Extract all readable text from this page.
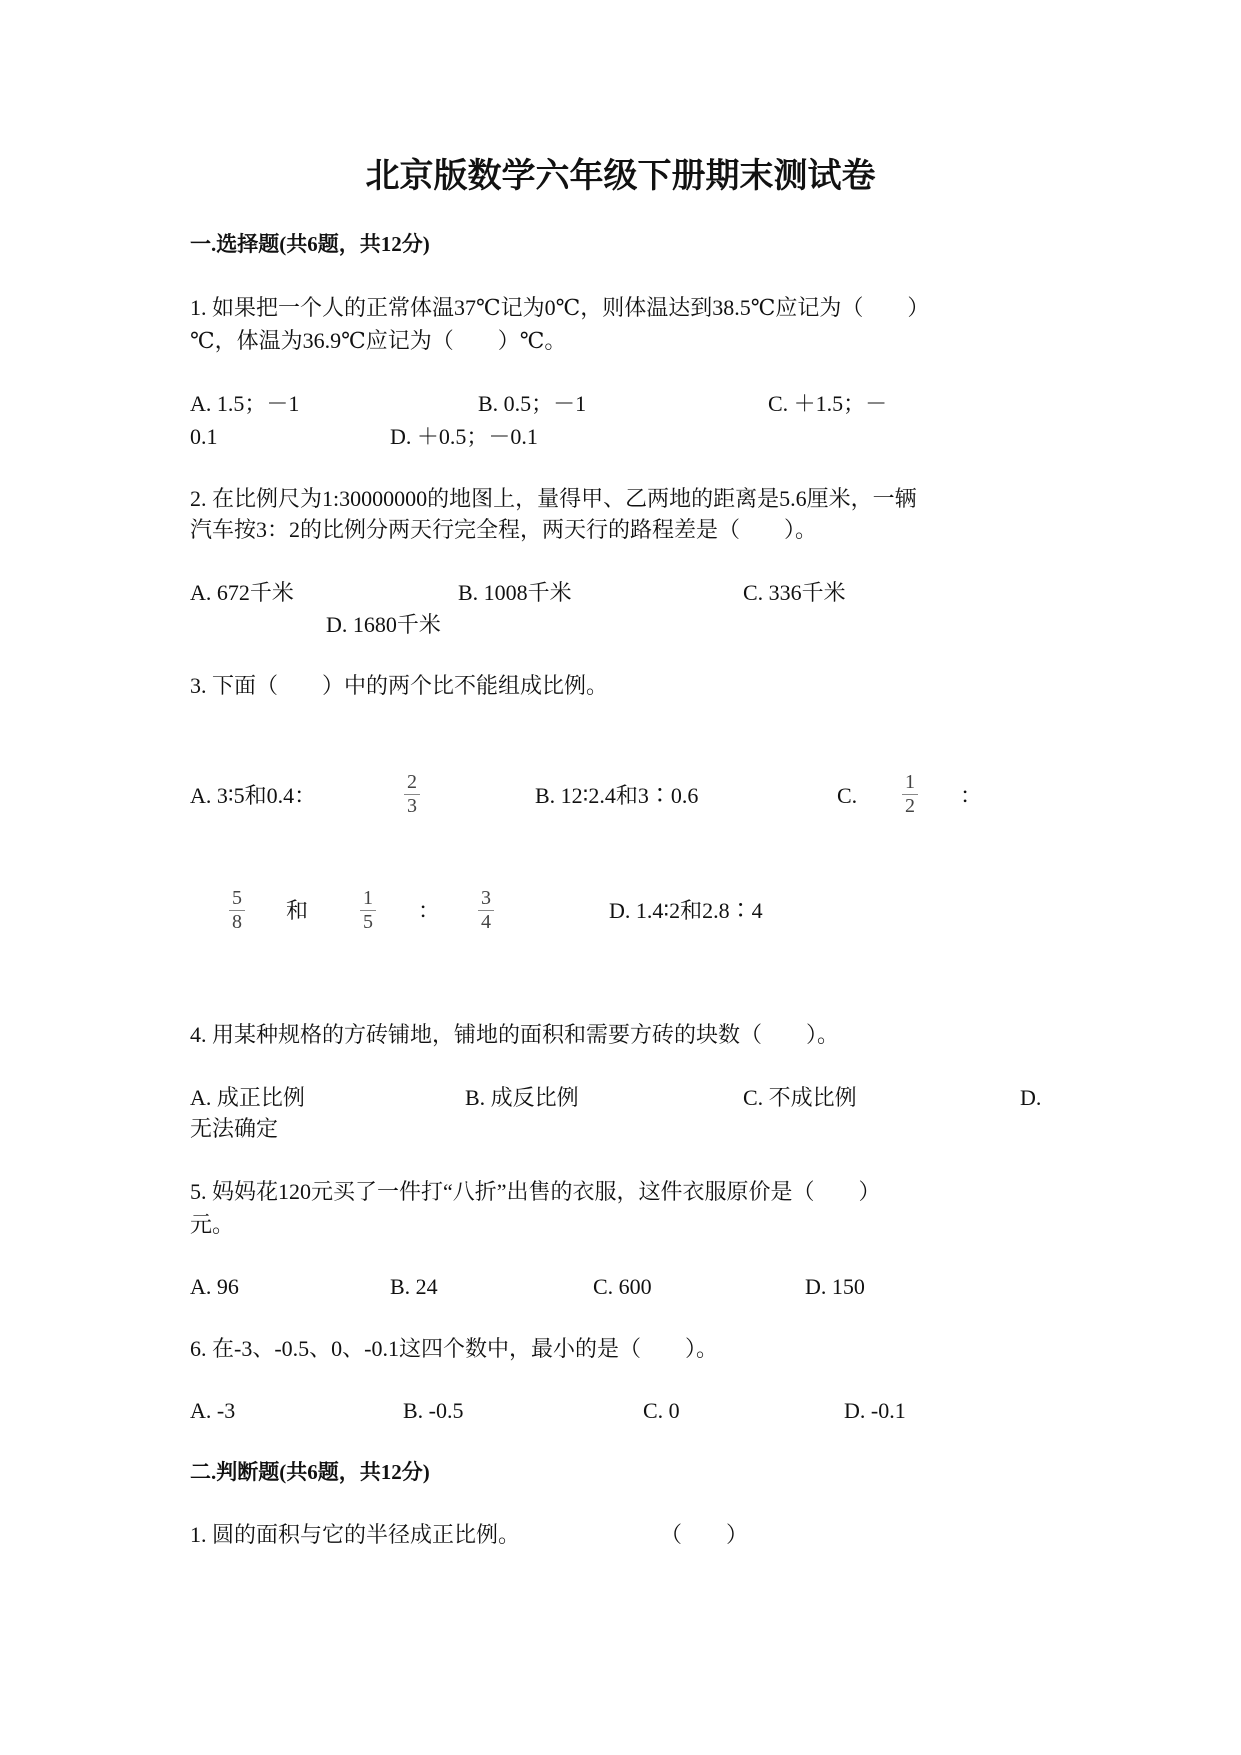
北京版数学六年级下册期末测试卷
一.选择题(共6题，共12分)
1. 如果把一个人的正常体温37℃记为0℃，则体温达到38.5℃应记为（　　）
℃，体温为36.9℃应记为（　　）℃。
A. 1.5；－1	B. 0.5；－1	C. ＋1.5；－
0.1	D. ＋0.5；－0.1
2. 在比例尺为1:30000000的地图上，量得甲、乙两地的距离是5.6厘米，一辆
汽车按3：2的比例分两天行完全程，两天行的路程差是（　　）。
A. 672千米	B. 1008千米	C. 336千米
D. 1680千米
3. 下面（　　）中的两个比不能组成比例。
A. 3∶5和0.4：
2
3	B. 12∶2.4和3∶0.6	C.
1
2 ：
5
8 和	1
5 ： 3
4	D. 1.4∶2和2.8∶4
4. 用某种规格的方砖铺地，铺地的面积和需要方砖的块数（　　）。
A. 成正比例	B. 成反比例	C. 不成比例	D.
无法确定
5. 妈妈花120元买了一件打“八折”出售的衣服，这件衣服原价是（　　）
元。
A. 96	B. 24	C. 600	D. 150
6. 在-3、-0.5、0、-0.1这四个数中，最小的是（　　）。
A. -3	B. -0.5	C. 0	D. -0.1
二.判断题(共6题，共12分)
1. 圆的面积与它的半径成正比例。	（　　）
